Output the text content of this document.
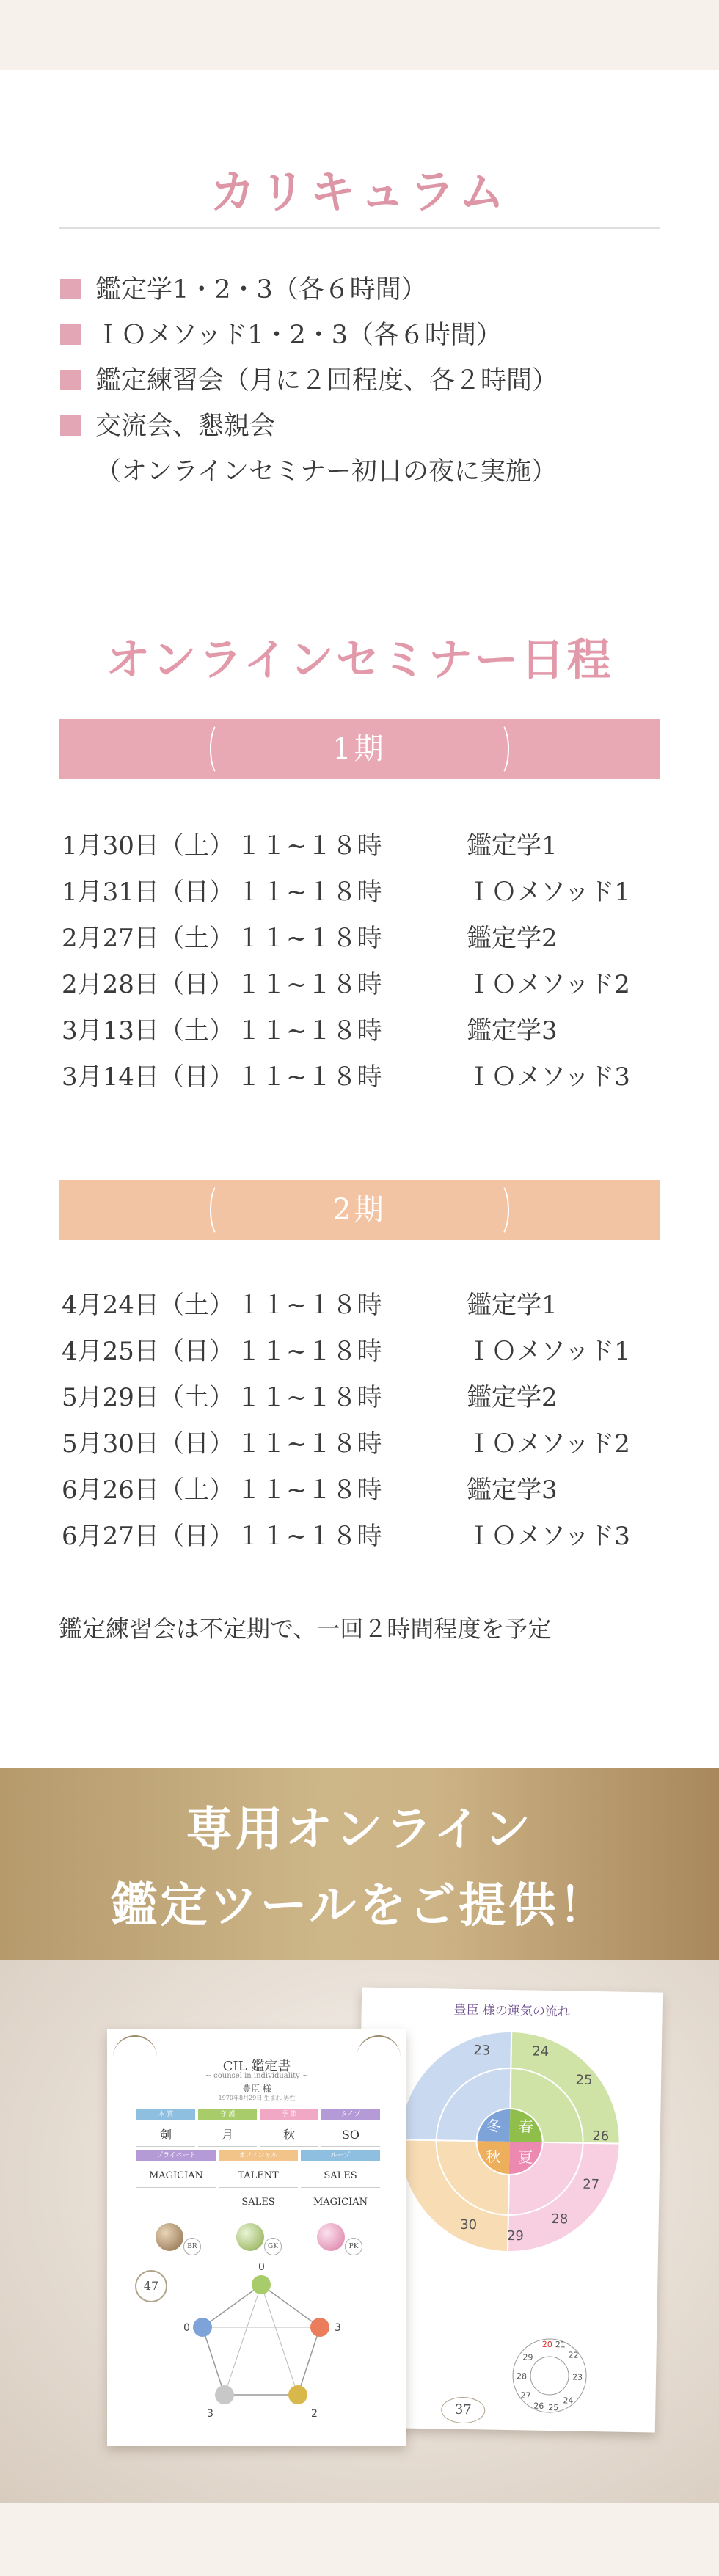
カリキュラム
鑑定学1・2・3（各６時間）
ＩＯメソッド1・2・3（各６時間）
鑑定練習会（月に２回程度、各２時間）
交流会、懇親会
（オンラインセミナー初日の夜に実施）
オンラインセミナー日程
1期
1月30日（土） １１~１８時	鑑定学1
1月31日（日） １１~１８時	ＩＯメソッド1
2月27日（土） １１~１８時	鑑定学2
2月28日（日） １１~１８時	ＩＯメソッド2
3月13日（土） １１~１８時	鑑定学3
3月14日（日） １１~１８時	ＩＯメソッド3
2期
4月24日（土） １１~１８時	鑑定学1
4月25日（日） １１~１８時	ＩＯメソッド1
5月29日（土） １１~１８時	鑑定学2
5月30日（日） １１~１８時	ＩＯメソッド2
6月26日（土） １１~１８時	鑑定学3
6月27日（日） １１~１８時	ＩＯメソッド3

鑑定練習会は不定期で、一回２時間程度を予定

専用オンライン
鑑定ツールをご提供！
豊臣 様の運気の流れ
冬 春
夏
秋
23	24
25
26
27
28
29
30
20 21
22
23
24
25
26
27
28
29
37
CIL 鑑定書
~ counsel in individuality ~
豊臣 様
1970年8月29日 生まれ 男性
本 質	守 護	季 節	タイプ
剣	月	秋	SO
プライベート	オフィシャル	ループ
MAGICIAN	TALENT	SALES
SALES	MAGICIAN
BR	GK	PK
47
0
0	3
3	2
